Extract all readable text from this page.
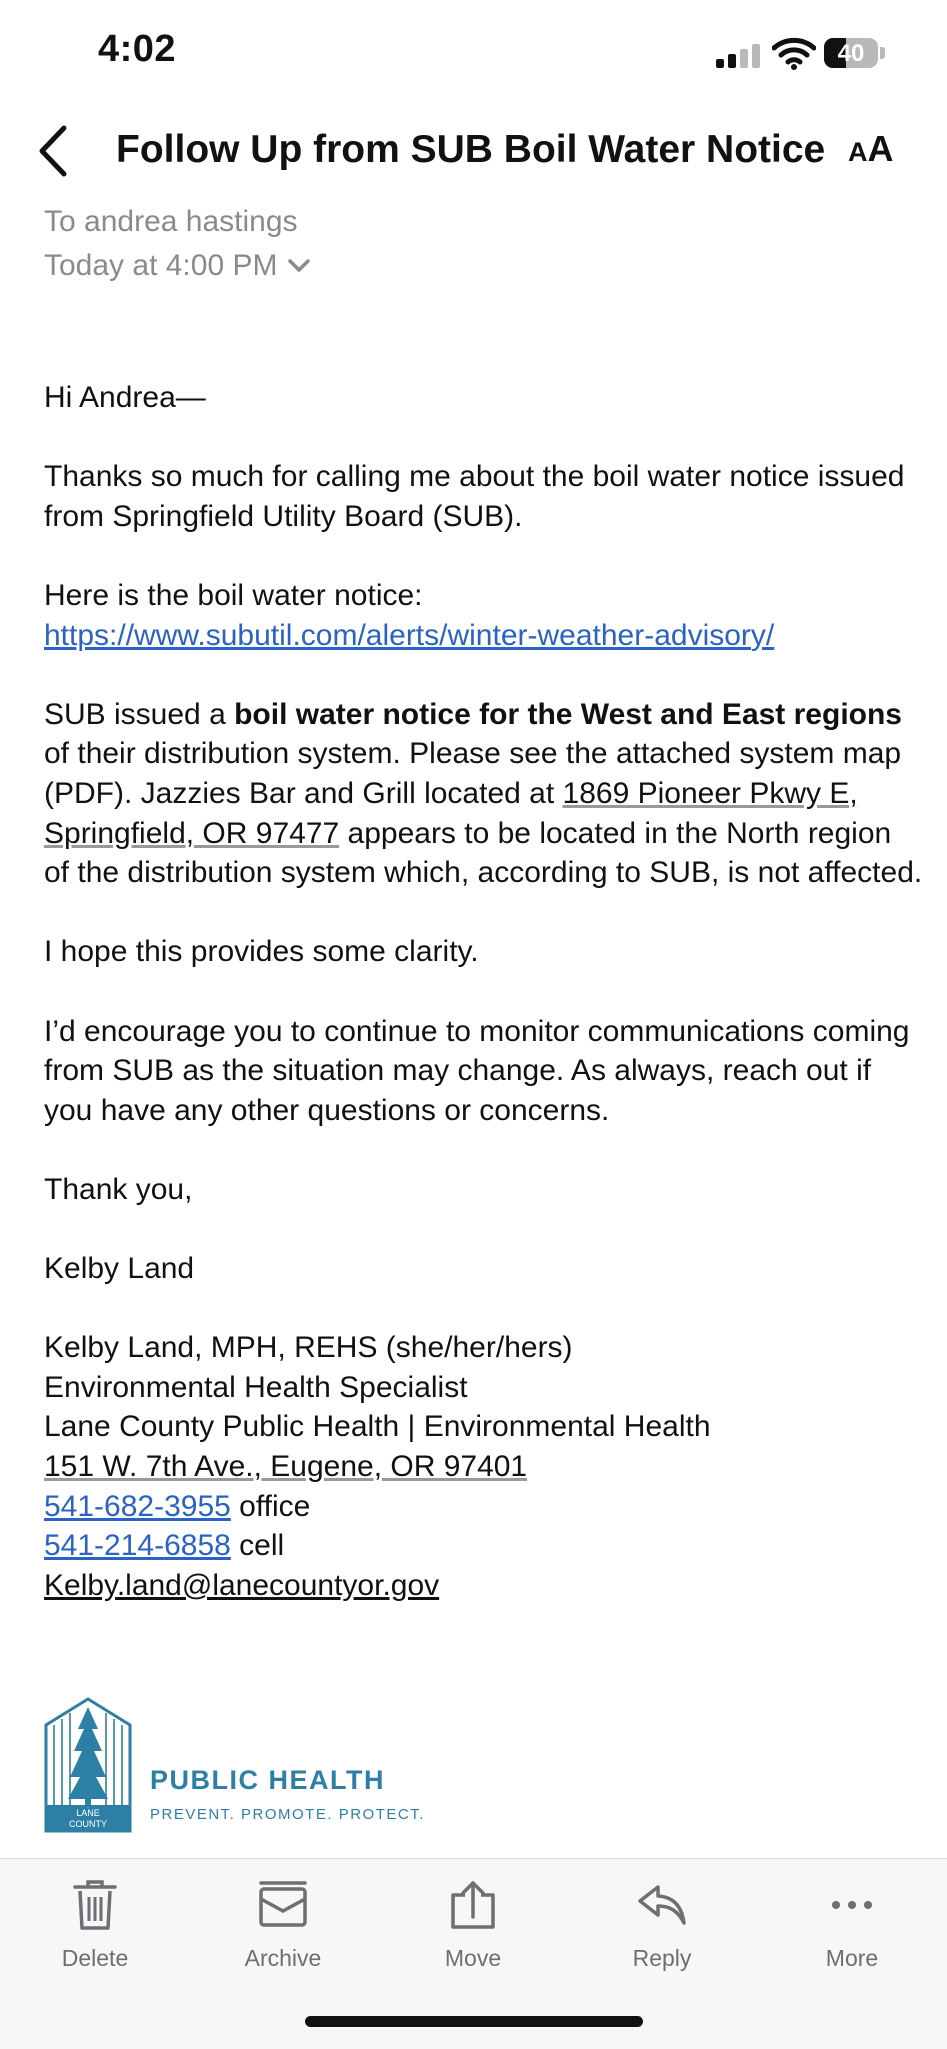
4:02	40
Follow Up from SUB Boil Water Notice AA
To andrea hastings
Today at 4:00 PM

Hi Andrea—

Thanks so much for calling me about the boil water notice issued from Springfield Utility Board (SUB).

Here is the boil water notice:
https://www.subutil.com/alerts/winter-weather-advisory/

SUB issued a boil water notice for the West and East regions of their distribution system. Please see the attached system map (PDF). Jazzies Bar and Grill located at 1869 Pioneer Pkwy E, Springfield, OR 97477 appears to be located in the North region of the distribution system which, according to SUB, is not affected.

I hope this provides some clarity.

I’d encourage you to continue to monitor communications coming from SUB as the situation may change. As always, reach out if you have any other questions or concerns.

Thank you,

Kelby Land

Kelby Land, MPH, REHS (she/her/hers)
Environmental Health Specialist
Lane County Public Health | Environmental Health
151 W. 7th Ave., Eugene, OR 97401
541-682-3955 office
541-214-6858 cell
Kelby.land@lanecountyor.gov
LANE
COUNTY
PUBLIC HEALTH
PREVENT. PROMOTE. PROTECT.
Delete	Archive	Move	Reply	More
